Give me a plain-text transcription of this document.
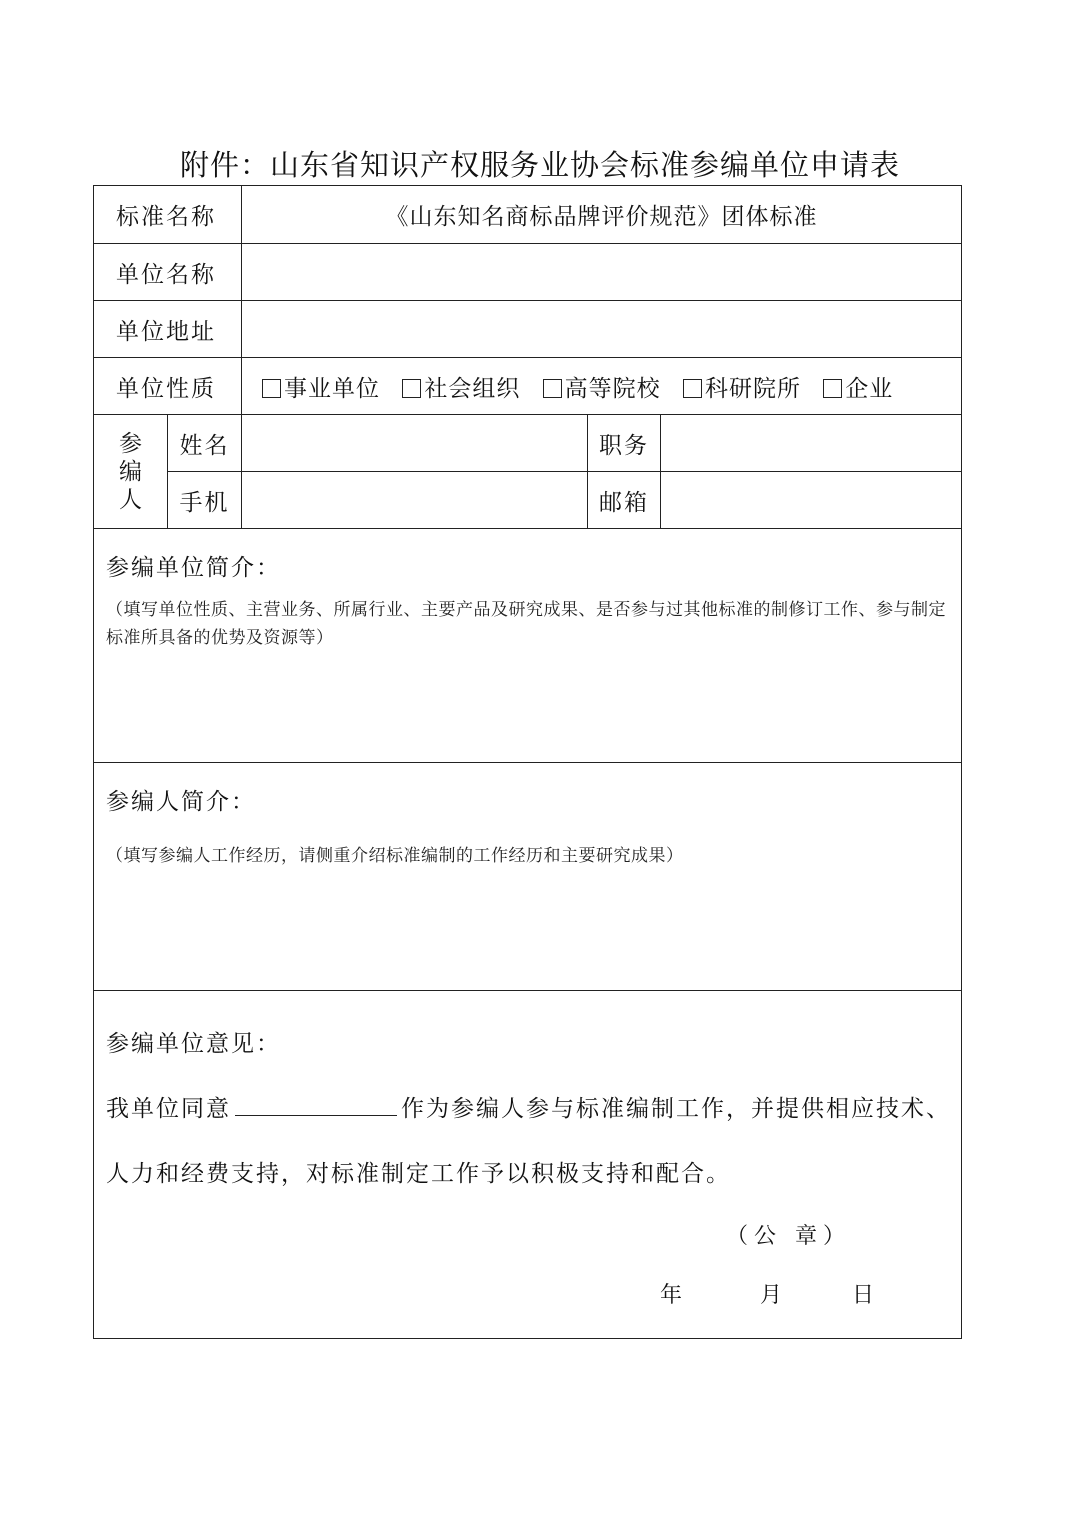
附件：山东省知识产权服务业协会标准参编单位申请表
标准名称		《山东知名商标品牌评价规范》团体标准		
单位名称				
单位地址				
单位性质		事业单位 社会组织 高等院校 科研院所 企业		

参
编
人	姓名		职务	
	手机		邮箱	

参编单位简介：
（填写单位性质、主营业务、所属行业、主要产品及研究成果、是否参与过其他标准的制修订工作、参与制定标准所具备的优势及资源等）				

参编人简介：
（填写参编人工作经历，请侧重介绍标准编制的工作经历和主要研究成果）				

参编单位意见：
我单位同意 作为参编人参与标准编制工作，并提供相应技术、
人力和经费支持，对标准制定工作予以积极支持和配合。
（公 章）
年 月 日				
